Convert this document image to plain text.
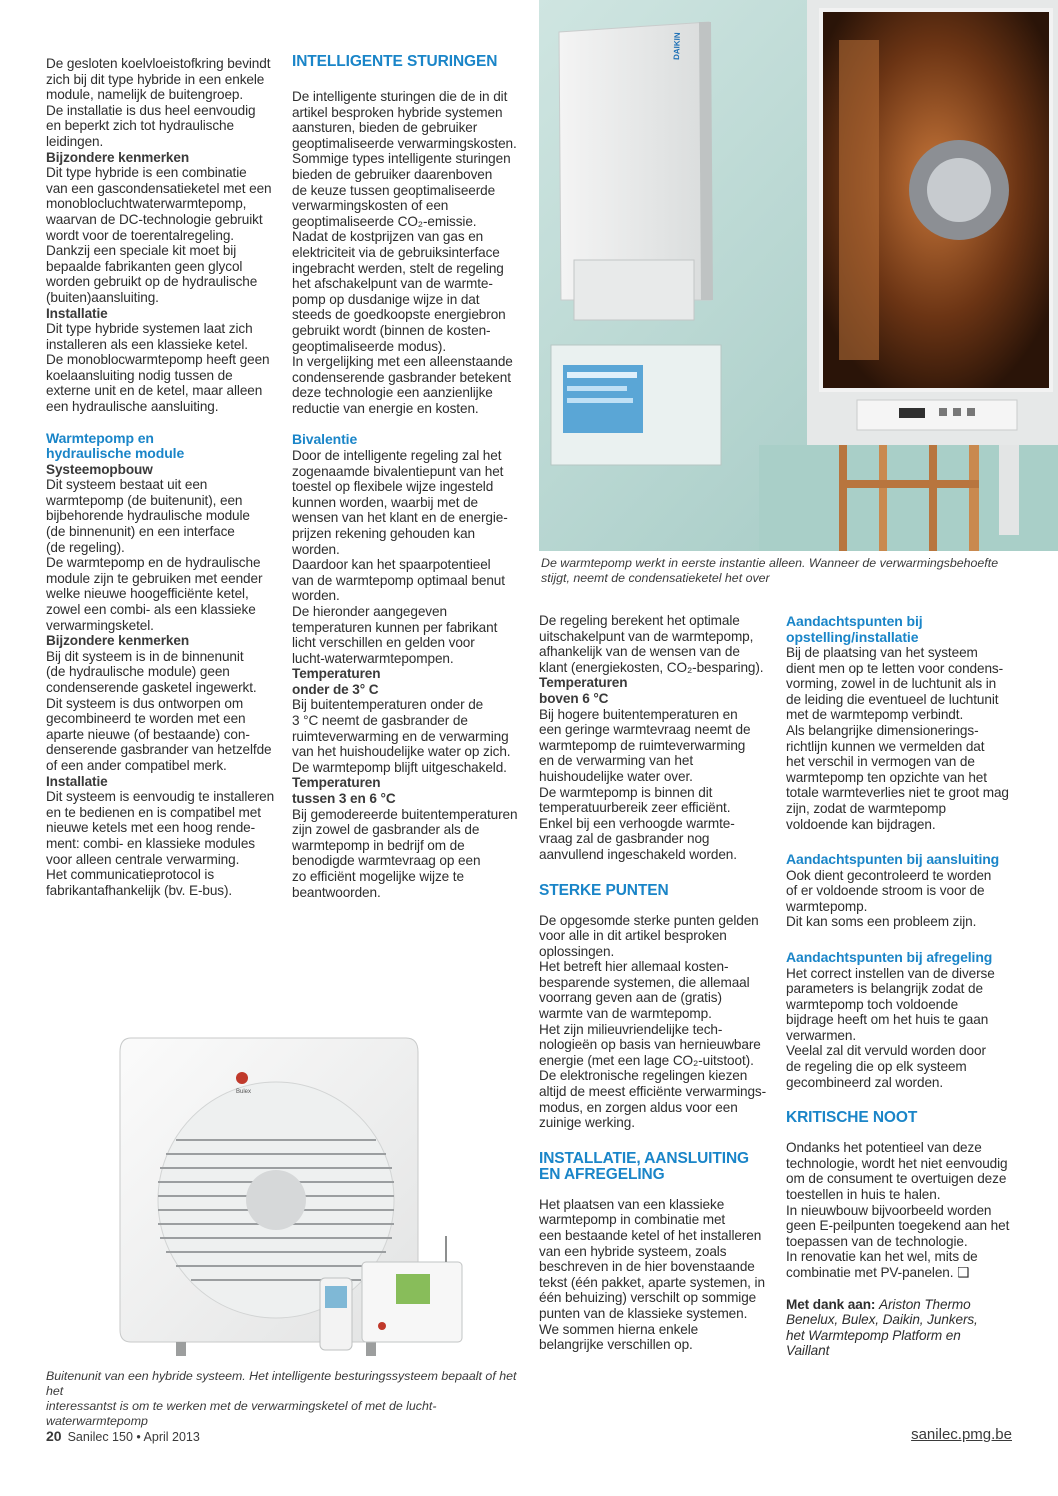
De gesloten koelvloeistofkring bevindt
zich bij dit type hybride in een enkele
module, namelijk de buitengroep.
De installatie is dus heel eenvoudig
en beperkt zich tot hydraulische
leidingen.

Bijzondere kenmerken

Dit type hybride is een combinatie
van een gascondensatieketel met een
monoblocluchtwaterwarmtepomp,
waarvan de DC-technologie gebruikt
wordt voor de toerentalregeling.
Dankzij een speciale kit moet bij
bepaalde fabrikanten geen glycol
worden gebruikt op de hydraulische
(buiten)aansluiting.

Installatie

Dit type hybride systemen laat zich
installeren als een klassieke ketel.
De monoblocwarmtepomp heeft geen
koelaansluiting nodig tussen de
externe unit en de ketel, maar alleen
een hydraulische aansluiting.

Warmtepomp en
hydraulische module
Systeemopbouw

Dit systeem bestaat uit een
warmtepomp (de buitenunit), een
bijbehorende hydraulische module
(de binnenunit) en een interface
(de regeling).
De warmtepomp en de hydraulische
module zijn te gebruiken met eender
welke nieuwe hoogefficiënte ketel,
zowel een combi- als een klassieke
verwarmingsketel.

Bijzondere kenmerken

Bij dit systeem is in de binnenunit
(de hydraulische module) geen
condenserende gasketel ingewerkt.
Dit systeem is dus ontworpen om
gecombineerd te worden met een
aparte nieuwe (of bestaande) con-
denserende gasbrander van hetzelfde
of een ander compatibel merk.

Installatie

Dit systeem is eenvoudig te installeren
en te bedienen en is compatibel met
nieuwe ketels met een hoog rende-
ment: combi- en klassieke modules
voor alleen centrale verwarming.
Het communicatieprotocol is
fabrikantafhankelijk (bv. E-bus).

INTELLIGENTE STURINGEN

De intelligente sturingen die de in dit
artikel besproken hybride systemen
aansturen, bieden de gebruiker
geoptimaliseerde verwarmingskosten.
Sommige types intelligente sturingen
bieden de gebruiker daarenboven
de keuze tussen geoptimaliseerde
verwarmingskosten of een
geoptimaliseerde CO₂-emissie.
Nadat de kostprijzen van gas en
elektriciteit via de gebruiksinterface
ingebracht werden, stelt de regeling
het afschakelpunt van de warmte-
pomp op dusdanige wijze in dat
steeds de goedkoopste energiebron
gebruikt wordt (binnen de kosten-
geoptimaliseerde modus).
In vergelijking met een alleenstaande
condenserende gasbrander betekent
deze technologie een aanzienlijke
reductie van energie en kosten.

Bivalentie

Door de intelligente regeling zal het
zogenaamde bivalentiepunt van het
toestel op flexibele wijze ingesteld
kunnen worden, waarbij met de
wensen van het klant en de energie-
prijzen rekening gehouden kan
worden.
Daardoor kan het spaarpotentieel
van de warmtepomp optimaal benut
worden.
De hieronder aangegeven
temperaturen kunnen per fabrikant
licht verschillen en gelden voor
lucht-waterwarmtepompen.

Temperaturen
onder de 3° C

Bij buitentemperaturen onder de
3 °C neemt de gasbrander de
ruimteverwarming en de verwarming
van het huishoudelijke water op zich.
De warmtepomp blijft uitgeschakeld.

Temperaturen
tussen 3 en 6 °C

Bij gemodereerde buitentemperaturen
zijn zowel de gasbrander als de
warmtepomp in bedrijf om de
benodigde warmtevraag op een
zo efficiënt mogelijke wijze te
beantwoorden.

De regeling berekent het optimale
uitschakelpunt van de warmtepomp,
afhankelijk van de wensen van de
klant (energiekosten, CO₂-besparing).

Temperaturen
boven 6 °C

Bij hogere buitentemperaturen en
een geringe warmtevraag neemt de
warmtepomp de ruimteverwarming
en de verwarming van het
huishoudelijke water over.
De warmtepomp is binnen dit
temperatuurbereik zeer efficiënt.
Enkel bij een verhoogde warmte-
vraag zal de gasbrander nog
aanvullend ingeschakeld worden.

STERKE PUNTEN

De opgesomde sterke punten gelden
voor alle in dit artikel besproken
oplossingen.
Het betreft hier allemaal kosten-
besparende systemen, die allemaal
voorrang geven aan de (gratis)
warmte van de warmtepomp.
Het zijn milieuvriendelijke tech-
nologieën op basis van hernieuwbare
energie (met een lage CO₂-uitstoot).
De elektronische regelingen kiezen
altijd de meest efficiënte verwarmings-
modus, en zorgen aldus voor een
zuinige werking.

INSTALLATIE, AANSLUITING
EN AFREGELING

Het plaatsen van een klassieke
warmtepomp in combinatie met
een bestaande ketel of het installeren
van een hybride systeem, zoals
beschreven in de hier bovenstaande
tekst (één pakket, aparte systemen, in
één behuizing) verschilt op sommige
punten van de klassieke systemen.
We sommen hierna enkele
belangrijke verschillen op.

Aandachtspunten bij
opstelling/installatie

Bij de plaatsing van het systeem
dient men op te letten voor condens-
vorming, zowel in de luchtunit als in
de leiding die eventueel de luchtunit
met de warmtepomp verbindt.
Als belangrijke dimensionerings-
richtlijn kunnen we vermelden dat
het verschil in vermogen van de
warmtepomp ten opzichte van het
totale warmteverlies niet te groot mag
zijn, zodat de warmtepomp
voldoende kan bijdragen.

Aandachtspunten bij aansluiting

Ook dient gecontroleerd te worden
of er voldoende stroom is voor de
warmtepomp.
Dit kan soms een probleem zijn.

Aandachtspunten bij afregeling

Het correct instellen van de diverse
parameters is belangrijk zodat de
warmtepomp toch voldoende
bijdrage heeft om het huis te gaan
verwarmen.
Veelal zal dit vervuld worden door
de regeling die op elk systeem
gecombineerd zal worden.

KRITISCHE NOOT

Ondanks het potentieel van deze
technologie, wordt het niet eenvoudig
om de consument te overtuigen deze
toestellen in huis te halen.
In nieuwbouw bijvoorbeeld worden
geen E-peilpunten toegekend aan het
toepassen van de technologie.
In renovatie kan het wel, mits de
combinatie met PV-panelen. ❑

Met dank aan: Ariston Thermo
Benelux, Bulex, Daikin, Junkers,
het Warmtepomp Platform en
Vaillant

DAIKIN
De warmtepomp werkt in eerste instantie alleen. Wanneer de verwarmingsbehoefte
stijgt, neemt de condensatieketel het over
Bulex
Buitenunit van een hybride systeem. Het intelligente besturingssysteem bepaalt of het het
interessantst is om te werken met de verwarmingsketel of met de lucht-waterwarmtepomp
20 Sanilec 150 • April 2013	sanilec.pmg.be
